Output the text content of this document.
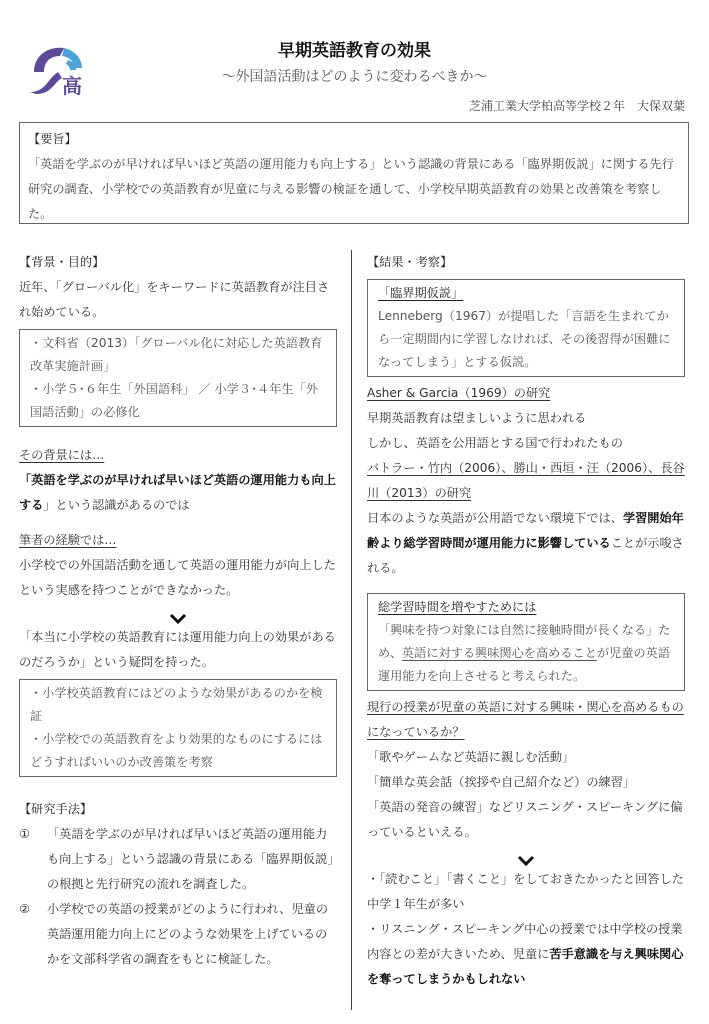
高
早期英語教育の効果
～外国語活動はどのように変わるべきか～
芝浦工業大学柏高等学校２年　大保双葉
【要旨】
「英語を学ぶのが早ければ早いほど英語の運用能力も向上する」という認識の背景にある「臨界期仮説」に関する先行研究の調査、小学校での英語教育が児童に与える影響の検証を通して、小学校早期英語教育の効果と改善策を考察した。

【背景・目的】

近年、「グローバル化」をキーワードに英語教育が注目され始めている。

・文科省（2013）「グローバル化に対応した英語教育改革実施計画」

・小学５･６年生「外国語科」 ／ 小学３･４年生「外国語活動」の必修化

その背景には…

「英語を学ぶのが早ければ早いほど英語の運用能力も向上する」という認識があるのでは

筆者の経験では…

小学校での外国語活動を通して英語の運用能力が向上したという実感を持つことができなかった。

「本当に小学校の英語教育には運用能力向上の効果があるのだろうか」という疑問を持った。

・小学校英語教育にはどのような効果があるのかを検証

・小学校での英語教育をより効果的なものにするにはどうすればいいのか改善策を考察

【研究手法】

①	「英語を学ぶのが早ければ早いほど英語の運用能力も向上する」という認識の背景にある「臨界期仮説」の根拠と先行研究の流れを調査した。
②	小学校での英語の授業がどのように行われ、児童の英語運用能力向上にどのような効果を上げているのかを文部科学省の調査をもとに検証した。

【結果・考察】

「臨界期仮説」

Lenneberg（1967）が提唱した「言語を生まれてから一定期間内に学習しなければ、その後習得が困難になってしまう」とする仮説。

Asher & Garcia（1969）の研究

早期英語教育は望ましいように思われる

しかし、英語を公用語とする国で行われたもの

バトラー・竹内（2006）、勝山・西垣・汪（2006）、長谷川（2013）の研究

日本のような英語が公用語でない環境下では、学習開始年齢より総学習時間が運用能力に影響していることが示唆される。

総学習時間を増やすためには

「興味を持つ対象には自然に接触時間が長くなる」ため、英語に対する興味関心を高めることが児童の英語運用能力を向上させると考えられた。

現行の授業が児童の英語に対する興味・関心を高めるものになっているか？

「歌やゲームなど英語に親しむ活動」

「簡単な英会話（挨拶や自己紹介など）の練習」

「英語の発音の練習」などリスニング・スピーキングに偏っているといえる。

・「読むこと」「書くこと」をしておきたかったと回答した中学１年生が多い

・リスニング・スピーキング中心の授業では中学校の授業内容との差が大きいため、児童に苦手意識を与え興味関心を奪ってしまうかもしれない
